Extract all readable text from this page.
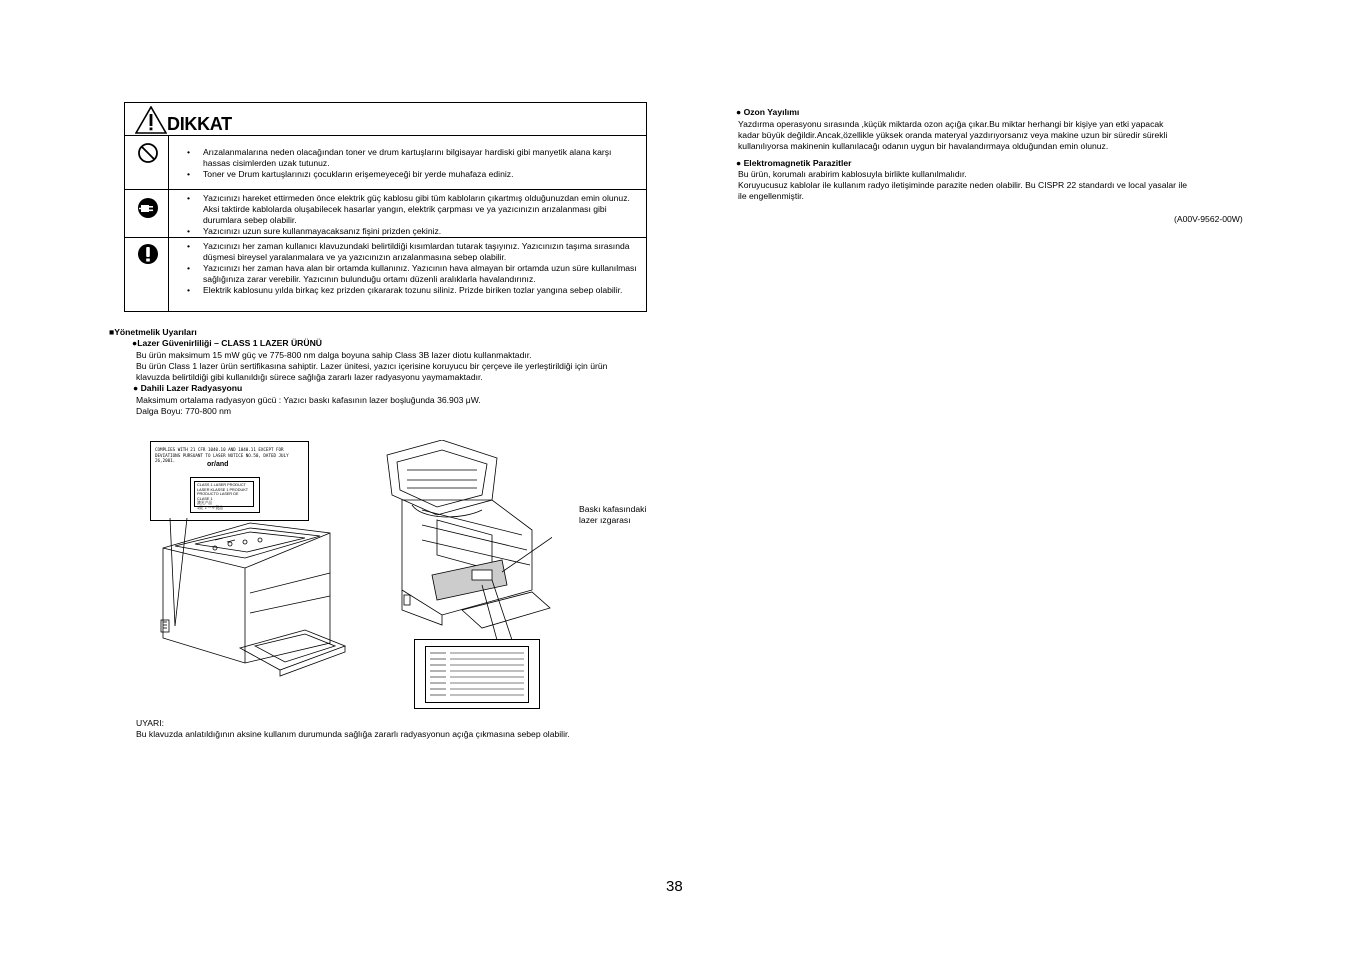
DIKKAT
• Arızalanmalarına neden olacağından toner ve drum kartuşlarını bilgisayar hardiski gibi manyetik alana karşı hassas cisimlerden uzak tutunuz.
• Toner ve Drum kartuşlarınızı çocukların erişemeyeceği bir yerde muhafaza ediniz.
• Yazıcınızı hareket ettirmeden önce elektrik güç kablosu gibi tüm kabloların çıkartmış olduğunuzdan emin olunuz. Aksi taktirde kablolarda oluşabilecek hasarlar yangın, elektrik çarpması ve ya yazıcınızın arızalanması gibi durumlara sebep olabilir.
• Yazıcınızı uzun sure kullanmayacaksanız fişini prizden çekiniz.
• Yazıcınızı her zaman kullanıcı klavuzundaki belirtildiği kısımlardan tutarak taşıyınız. Yazıcınızın taşıma sırasında düşmesi bireysel yaralanmalara ve ya yazıcınızın arızalanmasına sebep olabilir.
• Yazıcınızı her zaman hava alan bir ortamda kullanınız. Yazıcının hava almayan bir ortamda uzun süre kullanılması sağlığınıza zarar verebilir. Yazıcının bulunduğu ortamı düzenli aralıklarla havalandırınız.
• Elektrik kablosunu yılda birkaç kez prizden çıkararak tozunu siliniz. Prizde biriken tozlar yangına sebep olabilir.
■Yönetmelik Uyarıları
●Lazer Güvenirliliği – CLASS 1 LAZER ÜRÜNÜ
Bu ürün maksimum 15 mW güç ve 775-800 nm dalga boyuna sahip Class 3B lazer diotu kullanmaktadır.
Bu ürün Class 1 lazer ürün sertifikasına sahiptir. Lazer ünitesi, yazıcı içerisine koruyucu bir çerçeve ile yerleştirildiği için ürün
klavuzda belirtildiği gibi kullanıldığı sürece sağlığa zararlı lazer radyasyonu yaymamaktadır.
● Dahili Lazer Radyasyonu
Maksimum ortalama radyasyon gücü : Yazıcı baskı kafasının lazer boşluğunda 36.903 μW.
Dalga Boyu: 770-800 nm
COMPLIES WITH 21 CFR 1040.10 AND 1040.11 EXCEPT FOR
DEVIATIONS PURSUANT TO LASER NOTICE NO.50, DATED JULY 26,2001.
or/and
CLASS 1 LASER PRODUCT
LASER KLASSE 1 PRODUKT
PRODUCTO LASER DE CLASE 1
激光产品
1級 レーザ製品	Baskı kafasındaki
lazer ızgarası
UYARI:
Bu klavuzda anlatıldığının aksine kullanım durumunda sağlığa zararlı radyasyonun açığa çıkmasına sebep olabilir.
● Ozon Yayılımı
Yazdırma operasyonu sırasında ,küçük miktarda ozon açığa çıkar.Bu miktar herhangi bir kişiye yan etki yapacak
kadar büyük değildir.Ancak,özellikle yüksek oranda materyal yazdırıyorsanız veya makine uzun bir süredir sürekli
kullanılıyorsa makinenin kullanılacağı odanın uygun bir havalandırmaya olduğundan emin olunuz.
● Elektromagnetik Parazitler
Bu ürün, korumalı arabirim kablosuyla birlikte kullanılmalıdır.
Koruyucusuz kablolar ile kullanım radyo iletişiminde parazite neden olabilir. Bu CISPR 22 standardı ve local yasalar ile
ile engellenmiştir.
(A00V-9562-00W)
38
